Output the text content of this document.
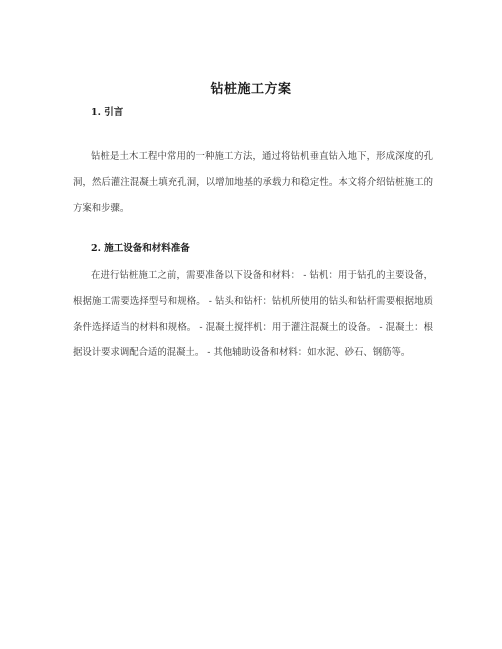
钻桩施工方案
1. 引言

钻桩是土木工程中常用的一种施工方法，通过将钻机垂直钻入地下，形成深度的孔洞，然后灌注混凝土填充孔洞，以增加地基的承载力和稳定性。本文将介绍钻桩施工的方案和步骤。

2. 施工设备和材料准备

在进行钻桩施工之前，需要准备以下设备和材料： - 钻机：用于钻孔的主要设备，根据施工需要选择型号和规格。 - 钻头和钻杆：钻机所使用的钻头和钻杆需要根据地质条件选择适当的材料和规格。 - 混凝土搅拌机：用于灌注混凝土的设备。 - 混凝土：根据设计要求调配合适的混凝土。 - 其他辅助设备和材料：如水泥、砂石、钢筋等。
